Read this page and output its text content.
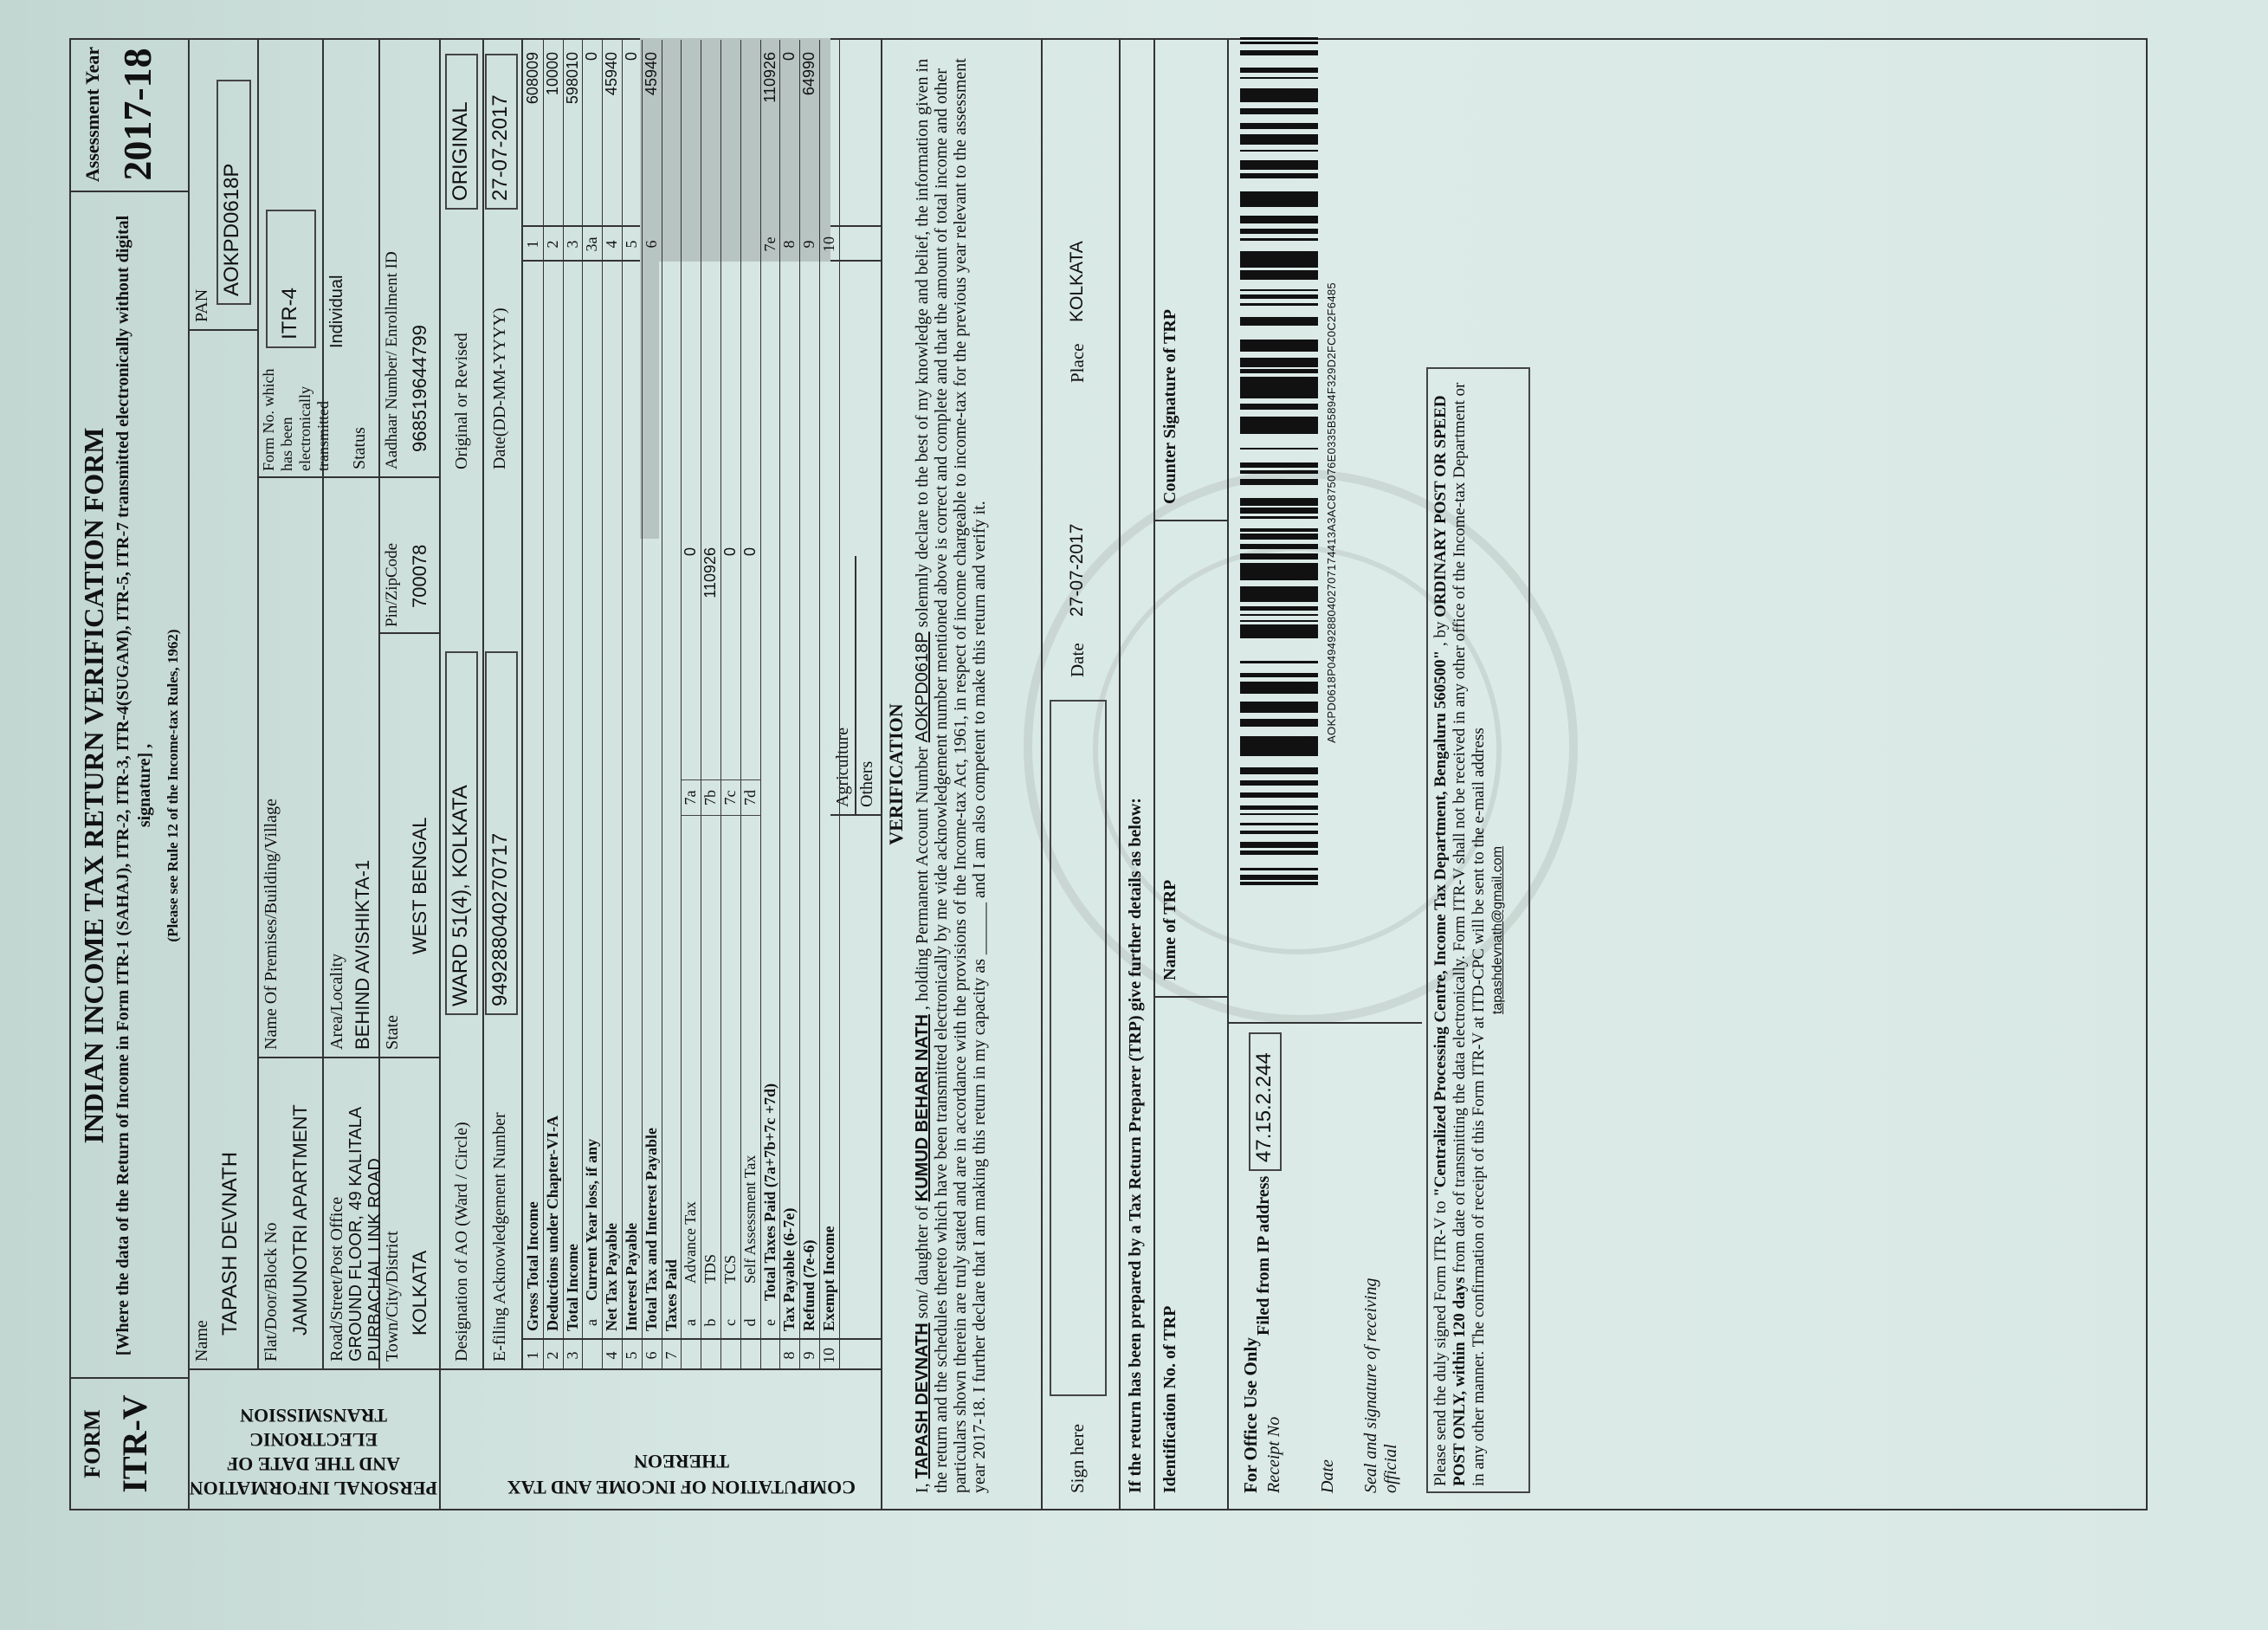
FORM ITR-V
INDIAN INCOME TAX RETURN VERIFICATION FORM [Where the data of the Return of Income in Form ITR-1 (SAHAJ), ITR-2, ITR-3, ITR-4(SUGAM), ITR-5, ITR-7 transmitted electronically without digital signature] , (Please see Rule 12 of the Income-tax Rules, 1962)
Assessment Year 2017-18
PERSONAL INFORMATION AND THE DATE OF ELECTRONIC TRANSMISSION
Name
TAPASH DEVNATH
PAN
AOKPD0618P
Flat/Door/Block No JAMUNOTRI APARTMENT
Name Of Premises/Building/Village
Form No. which has been electronically transmitted
ITR-4
Road/Street/Post Office GROUND FLOOR, 49 KALITALA PURBACHAL LINK ROAD
Area/Locality BEHIND AVISHIKTA-1
Status
Individual
Town/City/District KOLKATA
State
WEST BENGAL
Pin/ZipCode 700078
Aadhaar Number/ Enrollment ID 968519644799
Designation of AO (Ward / Circle)
WARD 51(4), KOLKATA
Original or Revised
ORIGINAL
COMPUTATION OF INCOME AND TAX THEREON
E-filing Acknowledgement Number
949288040270717
Date(DD-MM-YYYY)
27-07-2017
Agriculture Others VERIFICATION
I, TAPASH DEVNATH son/ daughter of KUMUD BEHARI NATH , holding Permanent Account Number AOKPD0618P solemnly declare to the best of my knowledge and belief, the information given in the return and the schedules thereto which have been transmitted electronically by me vide acknowledgement number mentioned above is correct and complete and that the amount of total income and other particulars shown therein are truly stated and are in accordance with the provisions of the Income-tax Act, 1961, in respect of income chargeable to income-tax for the previous year relevant to the assessment year 2017-18. I further declare that I am making this return in my capacity as ______ and I am also competent to make this return and verify it.	Sign here
Date
27-07-2017
Place
KOLKATA
If the return has been prepared by a Tax Return Preparer (TRP) give further details as below: Identification No. of TRP
Name of TRP
Counter Signature of TRP
For Office Use Only Receipt No
Filed from IP address
47.15.2.244
Date Seal and signature of receiving official
AOKPD0618P049492880402707174413A3AC875076E0335B5894F329D2FC0C2F6485
Please send the duly signed Form ITR-V to "Centralized Processing Centre, Income Tax Department, Bengaluru 560500" , by ORDINARY POST OR SPEED POST ONLY, within 120 days from date of transmitting the data electronically. Form ITR-V shall not be received in any other office of the Income-tax Department or in any other manner. The confirmation of receipt of this Form ITR-V at ITD-CPC will be sent to the e-mail address tapashdevnath@gmail.com
1
Gross Total Income
1
608009
2
Deductions under Chapter-VI-A
2
10000
3
Total Income
3
598010
a
Current Year loss, if any
3a
0
4
Net Tax Payable
4
45940
5
Interest Payable
5
0
6
Total Tax and Interest Payable
6
45940
7
Taxes Paid a
Advance Tax
7a
0
b
TDS
7b
110926
c
TCS
7c
0
d
Self Assessment Tax
7d
0
e
Total Taxes Paid (7a+7b+7c +7d)
7e
110926
8
Tax Payable (6-7e)
8
0
9
Refund (7e-6)
9
64990
10
Exempt Income
10
